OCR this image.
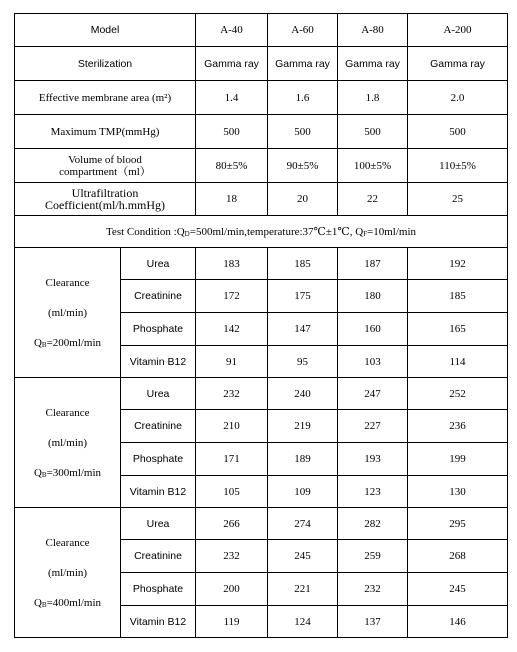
Model		A-40	A-60	A-80	A-200
Sterilization		Gamma ray	Gamma ray	Gamma ray	Gamma ray
Effective membrane area (m²)		1.4	1.6	1.8	2.0
Maximum TMP(mmHg)		500	500	500	500

Volume of blood
compartment（ml）		80±5%	90±5%	100±5%	110±5%

Ultrafiltration
Coefficient(ml/h.mmHg)		18	20	22	25
Test Condition $:Q_D=500ml/\min,temperature:37℃\pm 1℃$, $Q_F=10ml/\min$					

Clearance
(ml/min)
$Q_B=200ml/\min$	Urea	183	185	187	192
	Creatinine	172	175	180	185
	Phosphate	142	147	160	165
	Vitamin B12	91	95	103	114

Clearance
(ml/min)
$Q_B=300ml/\min$	Urea	232	240	247	252
	Creatinine	210	219	227	236
	Phosphate	171	189	193	199
	Vitamin B12	105	109	123	130

Clearance
(ml/min)
$Q_B=400ml/\min$	Urea	266	274	282	295
	Creatinine	232	245	259	268
	Phosphate	200	221	232	245
	Vitamin B12	119	124	137	146
